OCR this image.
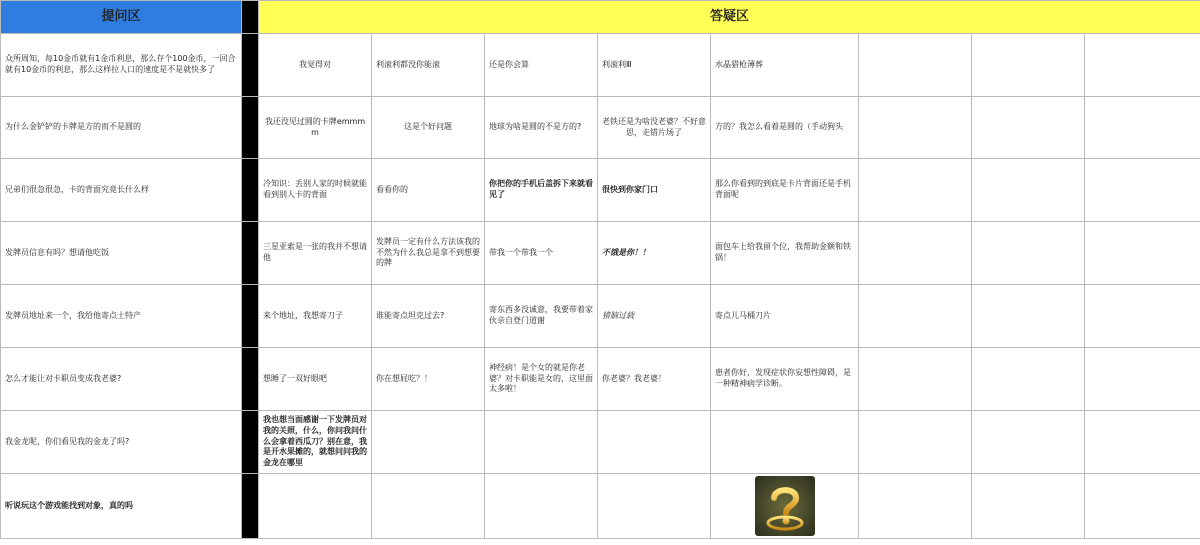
提问区		答疑区							
众所周知，每10金币就有1金币利息，那么存个100金币，一回合就有10金币的利息，那么这样拉人口的速度是不是就快多了		我觉得对	利滚利都没你能滚	还是你会算	利滚利Ⅲ	水晶猎枪薄葬			
为什么金铲铲的卡牌是方的而不是圆的		我还没见过圆的卡牌emmmm	这是个好问题	地球为啥是圆的不是方的?	老铁还是为啥没老婆？不好意思，走错片场了	方的？我怎么看着是圆的（手动狗头			
兄弟们很急很急，卡的背面究竟长什么样		冷知识：丢别人家的时候就能看到别人卡的背面	看看你的	你把你的手机后盖拆下来就看见了	很快到你家门口	那么你看到的到底是卡片背面还是手机背面呢			
发牌员信息有吗？想请他吃饭		三星亚索是一张的我并不想请他	发牌员一定有什么方法该我的不然为什么我总是拿不到想要的牌	带我一个带我一个	不饿是你！！	面包车上给我留个位，我帮助金额和铁锅！			
发牌员地址来一个，我给他寄点土特产		来个地址，我想寄刀子	谁能寄点坦克过去?	寄东西多没诚意，我要带着家伙亲自登门道谢	猪脑过载	寄点儿马桶刀片			
怎么才能让对卡职员变成我老婆?		想睡了一双好眼吧	你在想屁吃？！	神经病！是个女的就是你老婆？对卡职能是女的，这里面太多啦！	你老婆？我老婆！	患者你好，发现症状你妄想性障碍，是一种精神病学诊断。			
我金龙呢，你们看见我的金龙了吗?		我也想当面感谢一下发牌员对我的关照，什么，你问我问什么会拿着西瓜刀？别在意，我是开水果摊的，就想问问我的金龙在哪里							
听说玩这个游戏能找到对象，真的吗						
